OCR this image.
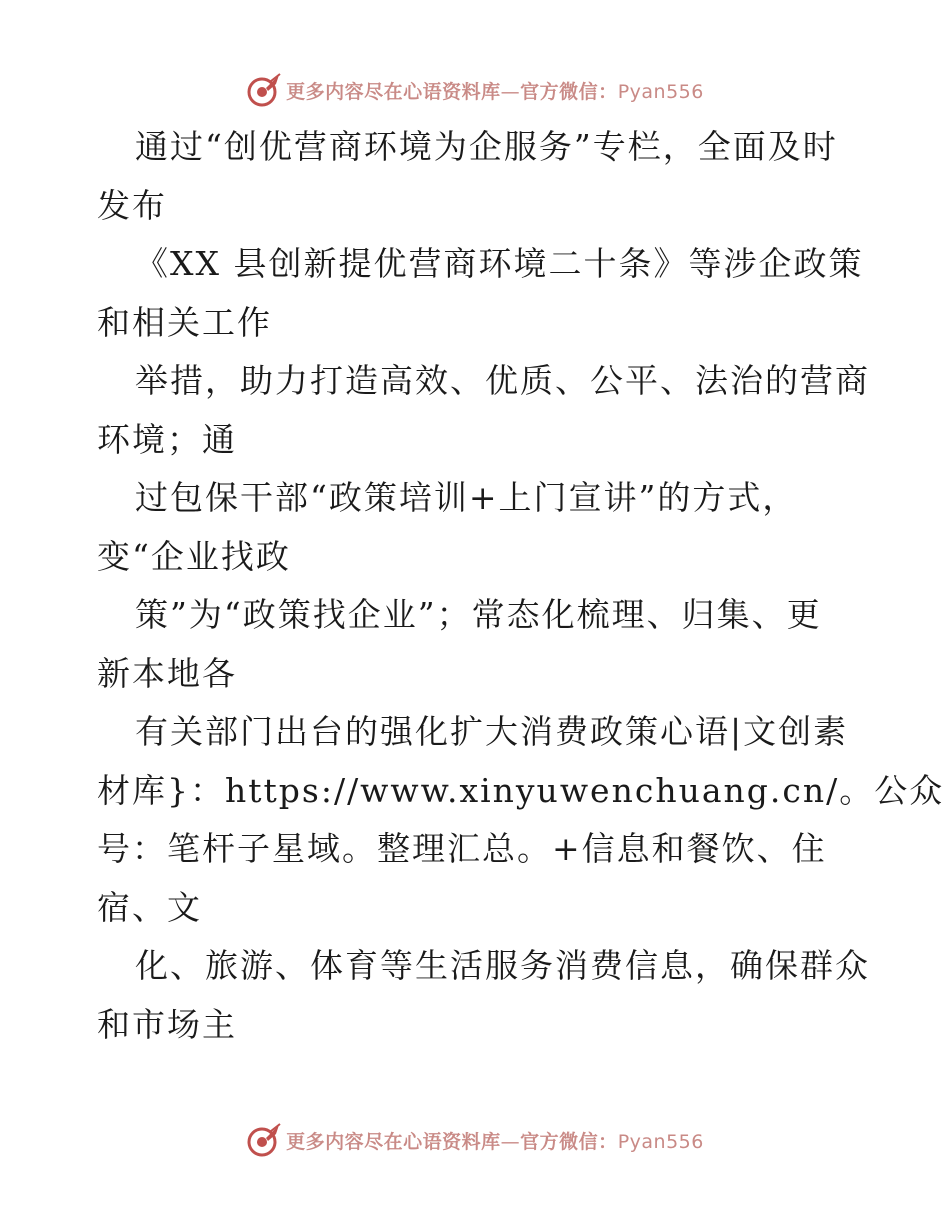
更多内容尽在心语资料库—官方微信：Pyan556
通过“创优营商环境为企服务”专栏，全面及时
发布
《XX 县创新提优营商环境二十条》等涉企政策
和相关工作
举措，助力打造高效、优质、公平、法治的营商
环境；通
过包保干部“政策培训+上门宣讲”的方式，
变“企业找政
策”为“政策找企业”；常态化梳理、归集、更
新本地各
有关部门出台的强化扩大消费政策心语|文创素
材库}：https://www.xinyuwenchuang.cn/。公众
号：笔杆子星域。整理汇总。+信息和餐饮、住
宿、文
化、旅游、体育等生活服务消费信息，确保群众
和市场主
更多内容尽在心语资料库—官方微信：Pyan556
